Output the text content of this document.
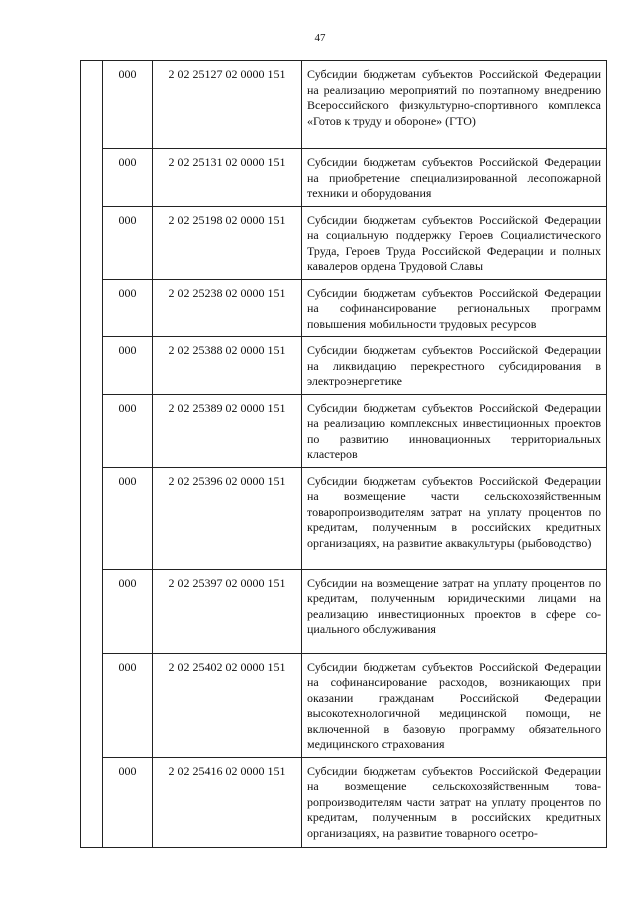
47
	000	2 02 25127 02 0000 151	Субсидии бюджетам субъектов Российской Федерации на реализацию мероприятий по поэтапному внедрению Всероссийского физкультурно-спортивного комплекса «Готов к труду и обороне» (ГТО)
	000	2 02 25131 02 0000 151	Субсидии бюджетам субъектов Российской Федерации на приобретение специализированной лесопожарной техники и оборудования
	000	2 02 25198 02 0000 151	Субсидии бюджетам субъектов Российской Федерации на социальную поддержку Героев Социалистического Труда, Героев Труда Российской Федерации и полных кавалеров ордена Трудовой Славы
	000	2 02 25238 02 0000 151	Субсидии бюджетам субъектов Российской Федерации на софинансирование региональных программ повышения мобильности трудовых ресурсов
	000	2 02 25388 02 0000 151	Субсидии бюджетам субъектов Российской Федерации на ликвидацию перекрестного субсидирования в электроэнергетике
	000	2 02 25389 02 0000 151	Субсидии бюджетам субъектов Российской Федерации на реализацию комплексных инвестиционных проектов по развитию инновационных территориальных кластеров
	000	2 02 25396 02 0000 151	Субсидии бюджетам субъектов Российской Федерации на возмещение части сельскохозяйственным товаропроизводителям затрат на уплату процентов по кредитам, полученным в российских кредитных организациях, на развитие аквакультуры (рыбоводство)
	000	2 02 25397 02 0000 151	Субсидии на возмещение затрат на уплату процентов по кредитам, полученным юридическими лицами на реализацию инвестиционных проектов в сфере социального обслуживания
	000	2 02 25402 02 0000 151	Субсидии бюджетам субъектов Российской Федерации на софинансирование расходов, возникающих при оказании гражданам Российской Федерации высокотехнологичной медицинской помощи, не включенной в базовую программу обязательного медицинского страхования
	000	2 02 25416 02 0000 151	Субсидии бюджетам субъектов Российской Федерации на возмещение сельскохозяйственным товаропроизводителям части затрат на уплату процентов по кредитам, полученным в российских кредитных организациях, на развитие товарного осетро-
